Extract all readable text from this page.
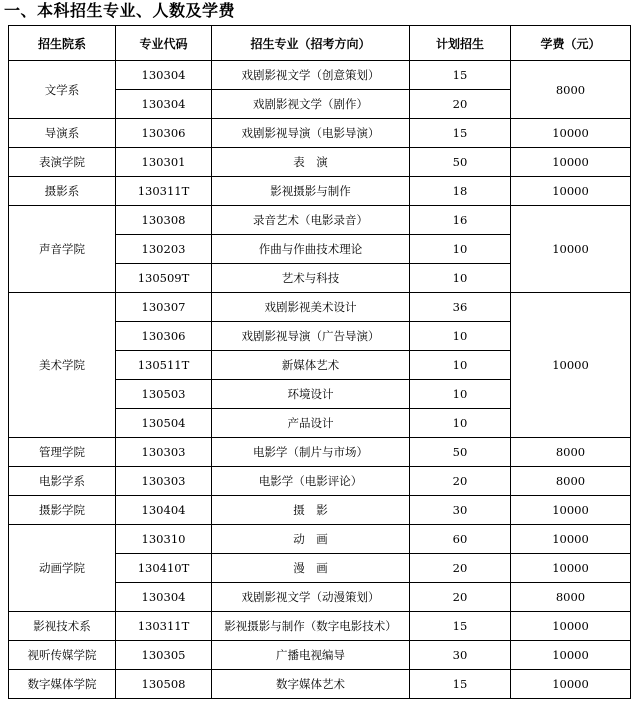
一、本科招生专业、人数及学费
招生院系	专业代码	招生专业（招考方向）	计划招生	学费（元）
文学系	130304	戏剧影视文学（创意策划）	15	8000
	130304	戏剧影视文学（剧作）	20	
导演系	130306	戏剧影视导演（电影导演）	15	10000
表演学院	130301	表　演	50	10000
摄影系	130311T	影视摄影与制作	18	10000
声音学院	130308	录音艺术（电影录音）	16	10000
	130203	作曲与作曲技术理论	10	
	130509T	艺术与科技	10	
美术学院	130307	戏剧影视美术设计	36	10000
	130306	戏剧影视导演（广告导演）	10	
	130511T	新媒体艺术	10	
	130503	环境设计	10	
	130504	产品设计	10	
管理学院	130303	电影学（制片与市场）	50	8000
电影学系	130303	电影学（电影评论）	20	8000
摄影学院	130404	摄　影	30	10000
动画学院	130310	动　画	60	10000
	130410T	漫　画	20	10000
	130304	戏剧影视文学（动漫策划）	20	8000
影视技术系	130311T	影视摄影与制作（数字电影技术）	15	10000
视听传媒学院	130305	广播电视编导	30	10000
数字媒体学院	130508	数字媒体艺术	15	10000
